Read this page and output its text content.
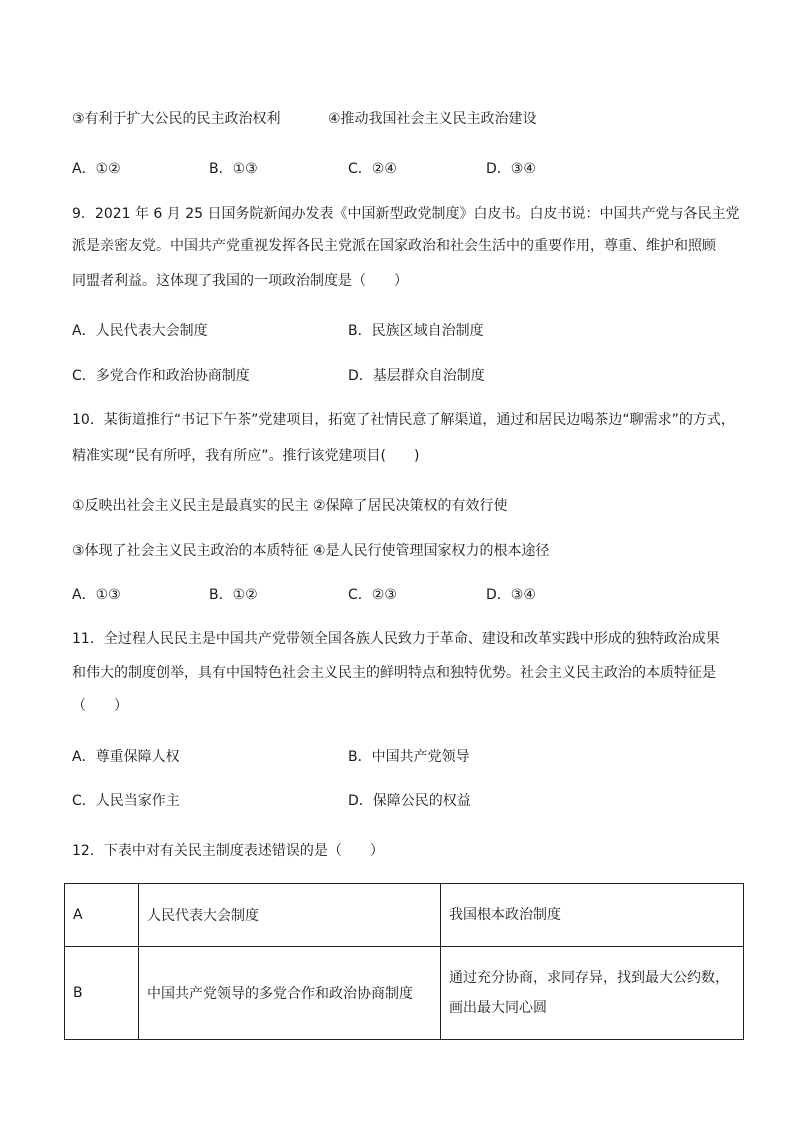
③有利于扩大公民的民主政治权利	④推动我国社会主义民主政治建设
A．①②	B．①③	C．②④	D．③④
9．2021 年 6 月 25 日国务院新闻办发表《中国新型政党制度》白皮书。白皮书说：中国共产党与各民主党
派是亲密友党。中国共产党重视发挥各民主党派在国家政治和社会生活中的重要作用，尊重、维护和照顾
同盟者利益。这体现了我国的一项政治制度是（　　）
A．人民代表大会制度	B．民族区域自治制度
C．多党合作和政治协商制度	D．基层群众自治制度
10．某街道推行“书记下午茶”党建项目，拓宽了社情民意了解渠道，通过和居民边喝茶边“聊需求”的方式，
精准实现“民有所呼，我有所应”。推行该党建项目(　　)
①反映出社会主义民主是最真实的民主 ②保障了居民决策权的有效行使
③体现了社会主义民主政治的本质特征 ④是人民行使管理国家权力的根本途径
A．①③	B．①②	C．②③	D．③④
11．全过程人民民主是中国共产党带领全国各族人民致力于革命、建设和改革实践中形成的独特政治成果
和伟大的制度创举，具有中国特色社会主义民主的鲜明特点和独特优势。社会主义民主政治的本质特征是
（　　）
A．尊重保障人权	B．中国共产党领导
C．人民当家作主	D．保障公民的权益
12．下表中对有关民主制度表述错误的是（　　）
A	人民代表大会制度	我国根本政治制度
B	中国共产党领导的多党合作和政治协商制度	通过充分协商，求同存异，找到最大公约数，画出最大同心圆
